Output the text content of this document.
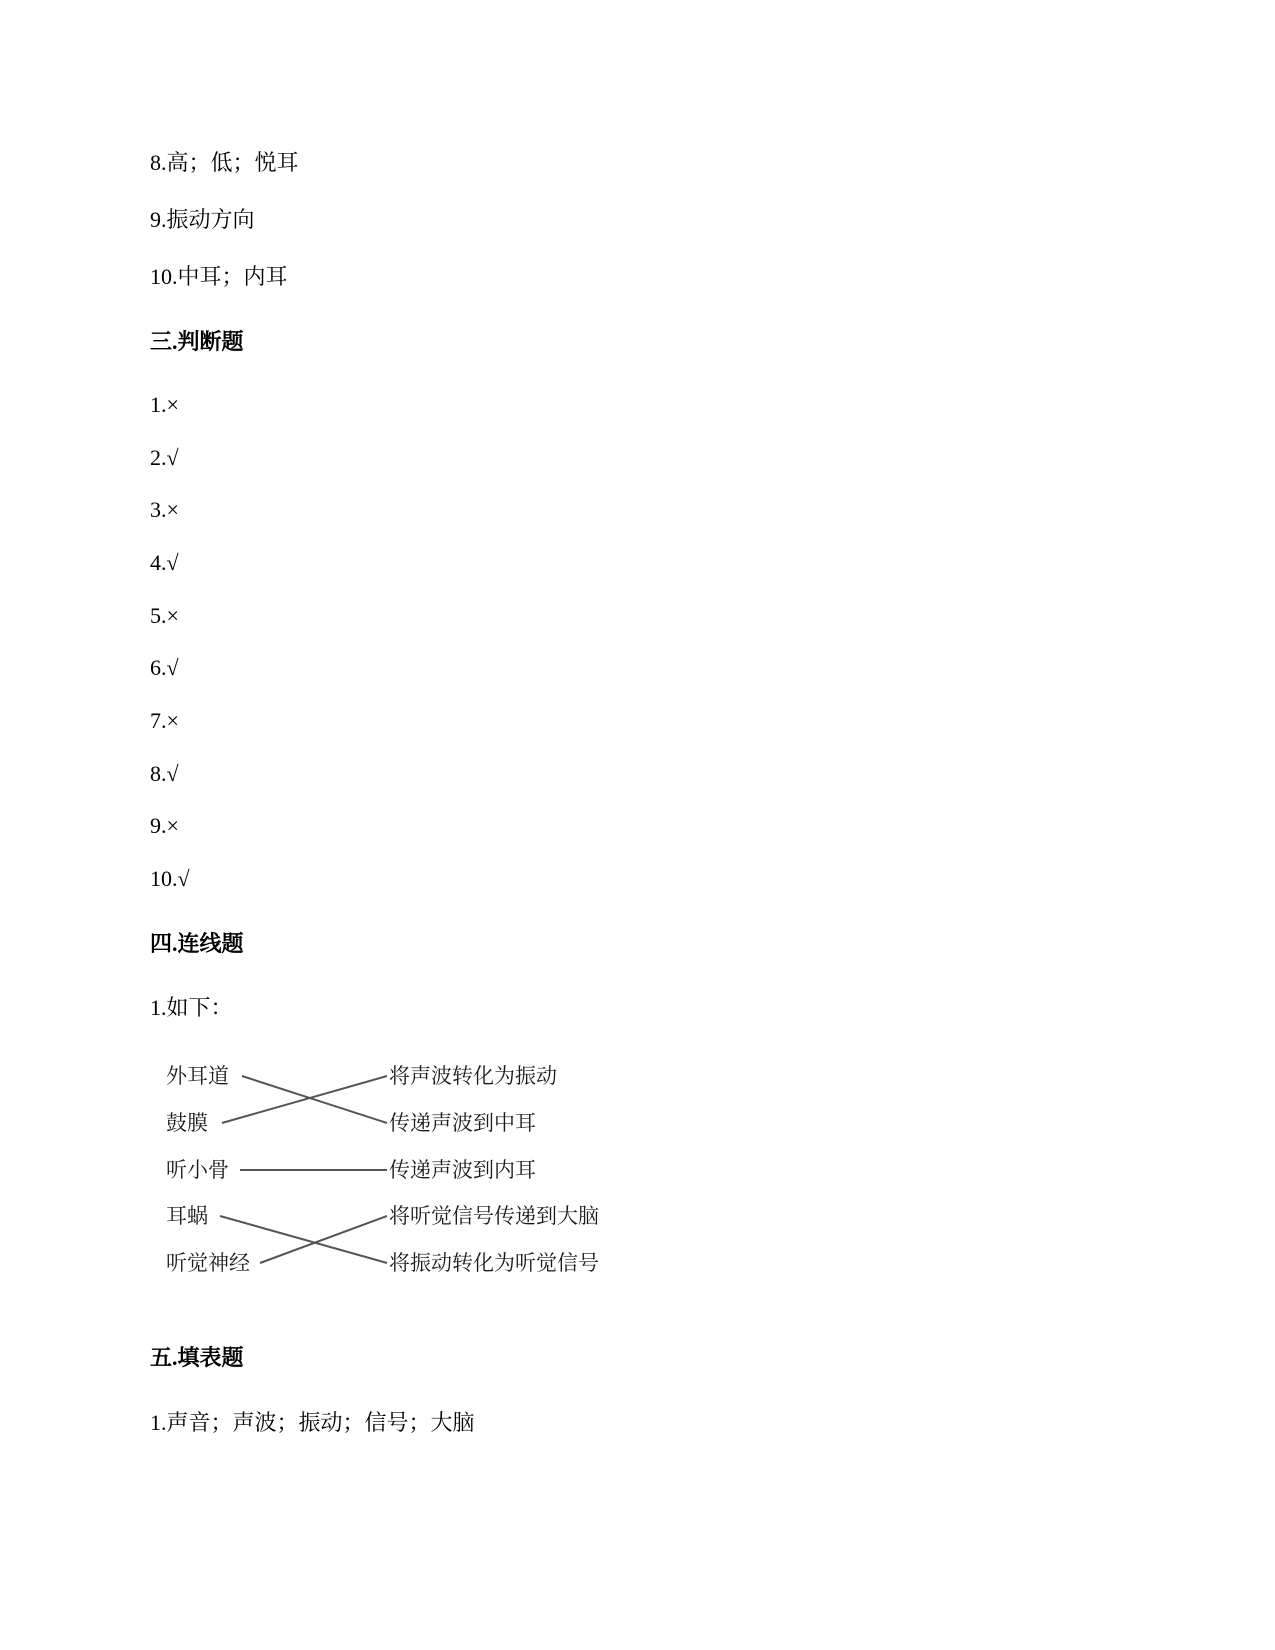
8.高；低；悦耳
9.振动方向
10.中耳；内耳
三.判断题
1.×
2.√
3.×
4.√
5.×
6.√
7.×
8.√
9.×
10.√
四.连线题
1.如下：
外耳道
鼓膜
听小骨
耳蜗
听觉神经
将声波转化为振动
传递声波到中耳
传递声波到内耳
将听觉信号传递到大脑
将振动转化为听觉信号
五.填表题
1.声音；声波；振动；信号；大脑
